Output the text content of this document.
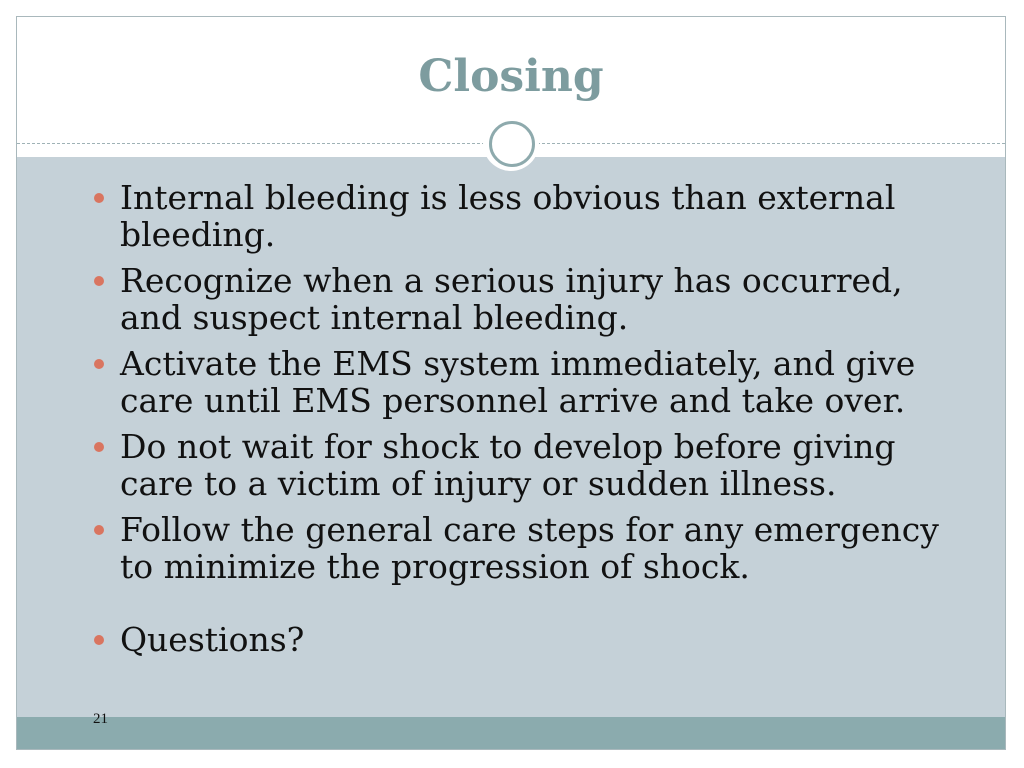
Closing
Internal bleeding is less obvious than external bleeding.
Recognize when a serious injury has occurred, and suspect internal bleeding.
Activate the EMS system immediately, and give care until EMS personnel arrive and take over.
Do not wait for shock to develop before giving care to a victim of injury or sudden illness.
Follow the general care steps for any emergency to minimize the progression of shock.
Questions?
21
